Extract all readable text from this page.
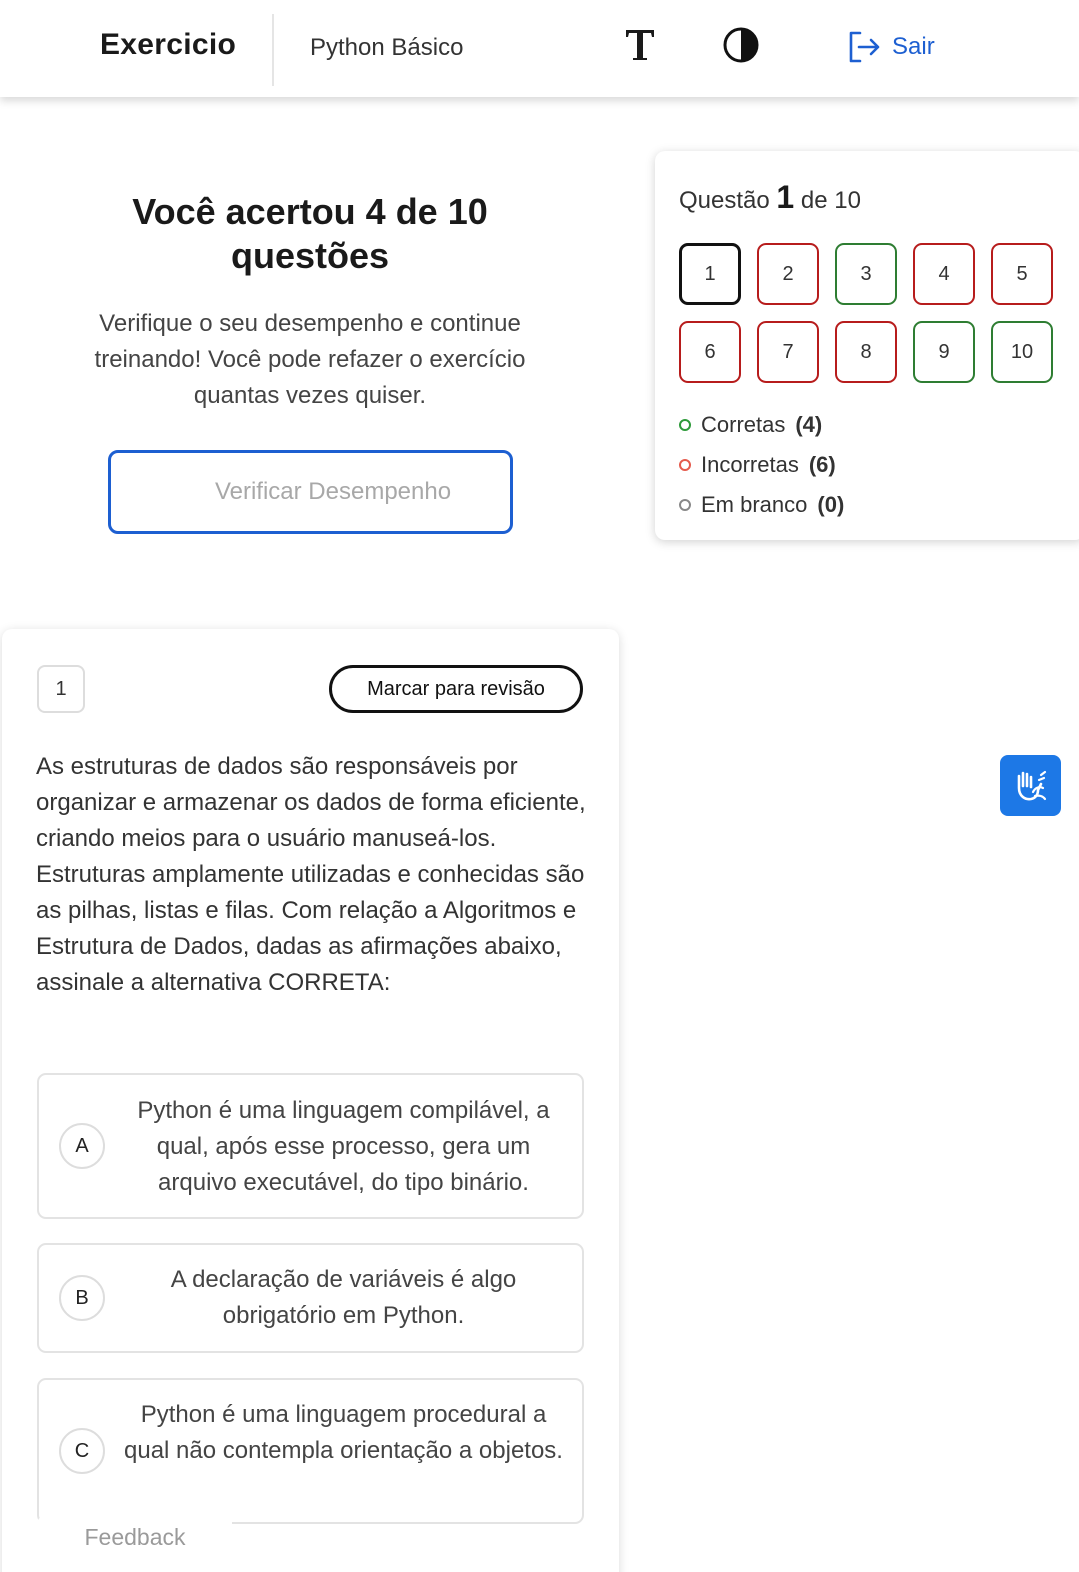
Exercicio	Python Básico	Sair
Você acertou 4 de 10 questões
Verifique o seu desempenho e continue treinando! Você pode refazer o exercício quantas vezes quiser.
Verificar Desempenho
Questão 1 de 10
1	2	3	4	5
6	7	8	9	10
Corretas (4)
Incorretas (6)
Em branco (0)
1	Marcar para revisão
As estruturas de dados são responsáveis por organizar e armazenar os dados de forma eficiente, criando meios para o usuário manuseá-los. Estruturas amplamente utilizadas e conhecidas são as pilhas, listas e filas. Com relação a Algoritmos e Estrutura de Dados, dadas as afirmações abaixo, assinale a alternativa CORRETA:
A
Python é uma linguagem compilável, a qual, após esse processo, gera um arquivo executável, do tipo binário.
B
A declaração de variáveis é algo obrigatório em Python.
C
Python é uma linguagem procedural a qual não contempla orientação a objetos.
Feedback
